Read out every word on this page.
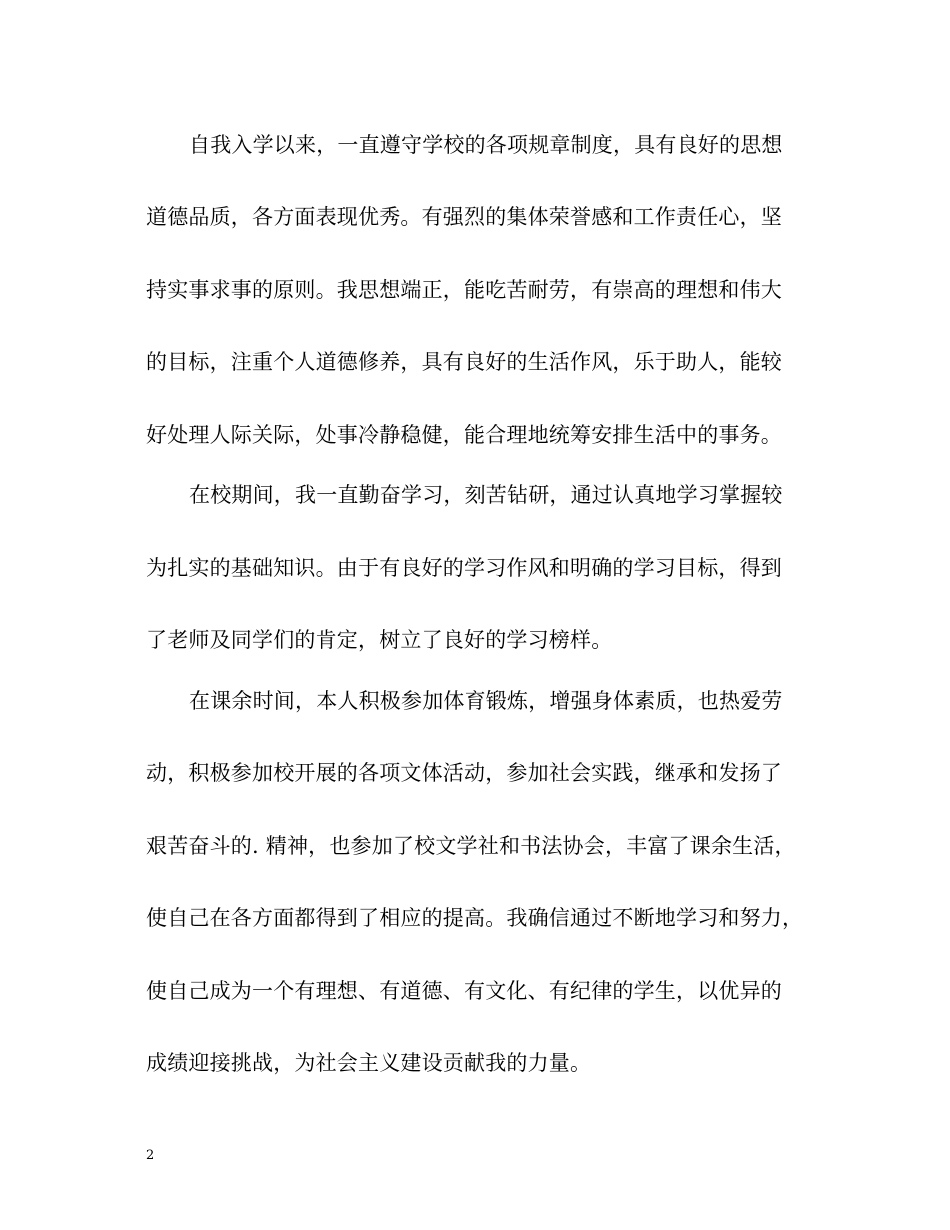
自我入学以来，一直遵守学校的各项规章制度，具有良好的思想
道德品质，各方面表现优秀。有强烈的集体荣誉感和工作责任心，坚
持实事求事的原则。我思想端正，能吃苦耐劳，有崇高的理想和伟大
的目标，注重个人道德修养，具有良好的生活作风，乐于助人，能较
好处理人际关际，处事冷静稳健，能合理地统筹安排生活中的事务。
在校期间，我一直勤奋学习，刻苦钻研，通过认真地学习掌握较
为扎实的基础知识。由于有良好的学习作风和明确的学习目标，得到
了老师及同学们的肯定，树立了良好的学习榜样。
在课余时间，本人积极参加体育锻炼，增强身体素质，也热爱劳
动，积极参加校开展的各项文体活动，参加社会实践，继承和发扬了
艰苦奋斗的. 精神，也参加了校文学社和书法协会，丰富了课余生活，
使自己在各方面都得到了相应的提高。我确信通过不断地学习和努力，
使自己成为一个有理想、有道德、有文化、有纪律的学生，以优异的
成绩迎接挑战，为社会主义建设贡献我的力量。
2
